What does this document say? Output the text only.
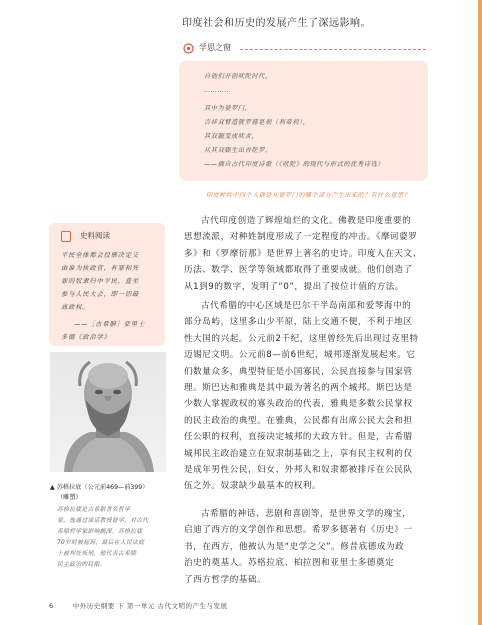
印度社会和历史的发展产生了深远影响。
学思之窗
自他们开创吠陀时代，
…………
其中为婆罗门，
吉祥双臂造就罗慈是刹（利帝利），
其双腿变成吠舍，
从其双脚生出首陀罗。
——摘自古代印度诗歌（《吠陀》的现代与形式的优秀诗选）
印度种姓中四个人群是从婆罗门的哪个部分产生出来的？有什么意思？
史料阅读
平民全体都会投票决定交
由谁为执政官，有罪和死
罪的奴隶归中平民，直至
参与人民大会，即一切最
高政权。
——［古希腊］亚里士
多德《政治学》
▲ 苏格拉底（公元前469—前399）
（雕塑）
苏格拉底是古希腊著名哲学
家，他通过谈话教授智学，对古代
希腊哲学家影响颇深。苏格拉底
70岁时被起诉，最后在人民法庭
上被判处死刑，他代表古希腊
民主政治的局限。
古代印度创造了辉煌灿烂的文化。佛教是印度重要的
思想流派，对种姓制度形成了一定程度的冲击。《摩诃婆罗
多》和《罗摩衍那》是世界上著名的史诗。印度人在天文、
历法、数学、医学等领域都取得了重要成就。他们创造了
从1到9的数字，发明了“0”，提出了按位计值的方法。
古代希腊的中心区域是巴尔干半岛南部和爱琴海中的
部分岛屿，这里多山少平原，陆上交通不便，不利于地区
性大国的兴起。公元前2千纪，这里曾经先后出现过克里特
迈锡尼文明。公元前8—前6世纪，城邦逐渐发展起来。它
们数量众多，典型特征是小国寡民，公民直接参与国家管
理。斯巴达和雅典是其中最为著名的两个城邦。斯巴达是
少数人掌握政权的寡头政治的代表，雅典是多数公民掌权
的民主政治的典型。在雅典，公民都有出席公民大会和担
任公职的权利，直接决定城邦的大政方针。但是，古希腊
城邦民主政治建立在奴隶制基础之上，享有民主权利的仅
是成年男性公民，妇女、外邦人和奴隶都被排斥在公民队
伍之外。奴隶缺少最基本的权利。
古希腊的神话、悲剧和喜剧等，是世界文学的瑰宝，
启迪了西方的文学创作和思想。希罗多德著有《历史》一
书，在西方，他被认为是“史学之父”。修昔底德成为政
治史的奠基人。苏格拉底、柏拉图和亚里士多德奠定
了西方哲学的基础。
6	中外历史纲要 下 第一单元 古代文明的产生与发展
